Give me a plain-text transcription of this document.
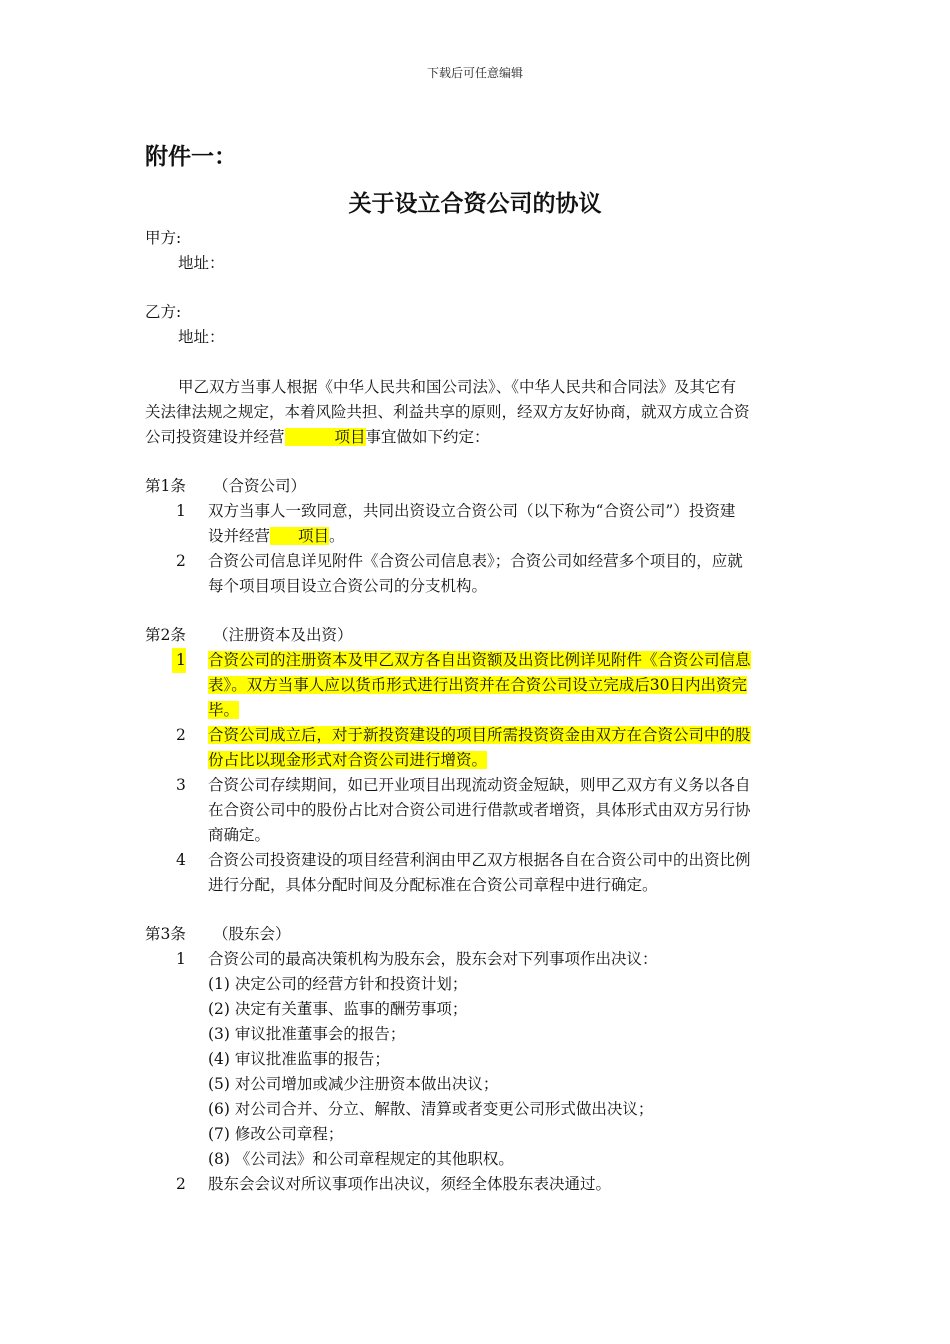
下载后可任意编辑
附件一：
关于设立合资公司的协议
甲方:
地址：
乙方:
地址：
甲乙双方当事人根据《中华人民共和国公司法》、《中华人民共和合同法》及其它有
关法律法规之规定，本着风险共担、利益共享的原则，经双方友好协商，就双方成立合资
公司投资建设并经营	项目事宜做如下约定：
第1条 （合资公司）
1 双方当事人一致同意，共同出资设立合资公司（以下称为“合资公司”）投资建
设并经营 项目。
2 合资公司信息详见附件《合资公司信息表》；合资公司如经营多个项目的，应就
每个项目项目设立合资公司的分支机构。
第2条 （注册资本及出资）
1 合资公司的注册资本及甲乙双方各自出资额及出资比例详见附件《合资公司信息
表》。双方当事人应以货币形式进行出资并在合资公司设立完成后30日内出资完
毕。
2 合资公司成立后，对于新投资建设的项目所需投资资金由双方在合资公司中的股
份占比以现金形式对合资公司进行增资。
3 合资公司存续期间，如已开业项目出现流动资金短缺，则甲乙双方有义务以各自
在合资公司中的股份占比对合资公司进行借款或者增资，具体形式由双方另行协
商确定。
4 合资公司投资建设的项目经营利润由甲乙双方根据各自在合资公司中的出资比例
进行分配，具体分配时间及分配标准在合资公司章程中进行确定。
第3条 （股东会）
1 合资公司的最高决策机构为股东会，股东会对下列事项作出决议：
(1) 决定公司的经营方针和投资计划；
(2) 决定有关董事、监事的酬劳事项；
(3) 审议批准董事会的报告；
(4) 审议批准监事的报告；
(5) 对公司增加或减少注册资本做出决议；
(6) 对公司合并、分立、解散、清算或者变更公司形式做出决议；
(7) 修改公司章程；
(8) 《公司法》和公司章程规定的其他职权。
2 股东会会议对所议事项作出决议，须经全体股东表决通过。
